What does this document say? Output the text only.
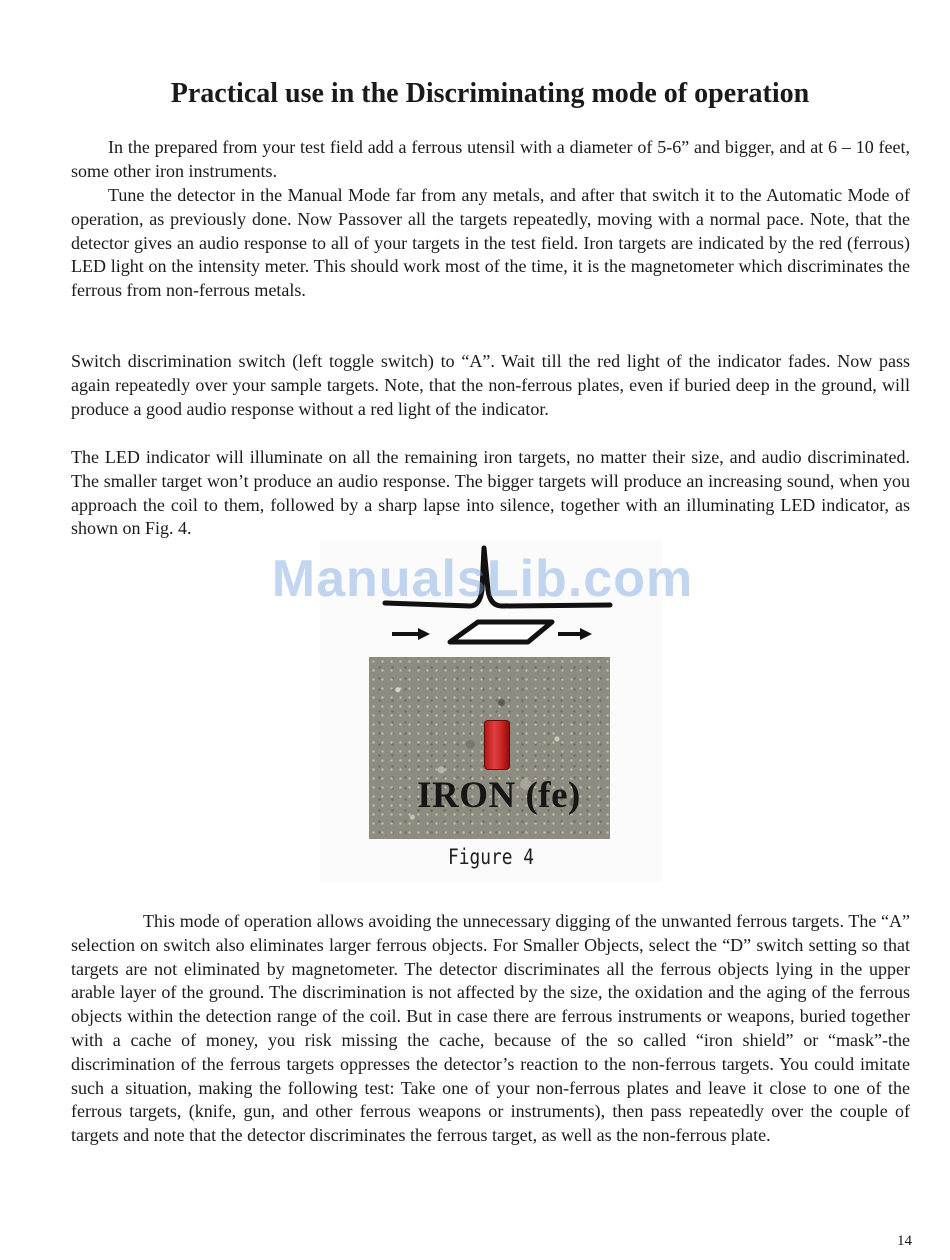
Practical use in the Discriminating mode of operation

In the prepared from your test field add a ferrous utensil with a diameter of 5-6” and bigger, and at 6 – 10 feet, some other iron instruments.

Tune the detector in the Manual Mode far from any metals, and after that switch it to the Automatic Mode of operation, as previously done. Now Passover all the targets repeatedly, moving with a normal pace. Note, that the detector gives an audio response to all of your targets in the test field. Iron targets are indicated by the red (ferrous) LED light on the intensity meter. This should work most of the time, it is the magnetometer which discriminates the ferrous from non-ferrous metals.

Switch discrimination switch (left toggle switch) to “A”. Wait till the red light of the indicator fades. Now pass again repeatedly over your sample targets. Note, that the non-ferrous plates, even if buried deep in the ground, will produce a good audio response without a red light of the indicator.

The LED indicator will illuminate on all the remaining iron targets, no matter their size, and audio discriminated. The smaller target won’t produce an audio response. The bigger targets will produce an increasing sound, when you approach the coil to them, followed by a sharp lapse into silence, together with an illuminating LED indicator, as shown on Fig. 4.

IRON (fe)
Figure 4
ManualsLib.com

This mode of operation allows avoiding the unnecessary digging of the unwanted ferrous targets. The “A” selection on switch also eliminates larger ferrous objects. For Smaller Objects, select the “D” switch setting so that targets are not eliminated by magnetometer. The detector discriminates all the ferrous objects lying in the upper arable layer of the ground. The discrimination is not affected by the size, the oxidation and the aging of the ferrous objects within the detection range of the coil. But in case there are ferrous instruments or weapons, buried together with a cache of money, you risk missing the cache, because of the so called “iron shield” or “mask”-the discrimination of the ferrous targets oppresses the detector’s reaction to the non-ferrous targets. You could imitate such a situation, making the following test: Take one of your non-ferrous plates and leave it close to one of the ferrous targets, (knife, gun, and other ferrous weapons or instruments), then pass repeatedly over the couple of targets and note that the detector discriminates the ferrous target, as well as the non-ferrous plate.

14
